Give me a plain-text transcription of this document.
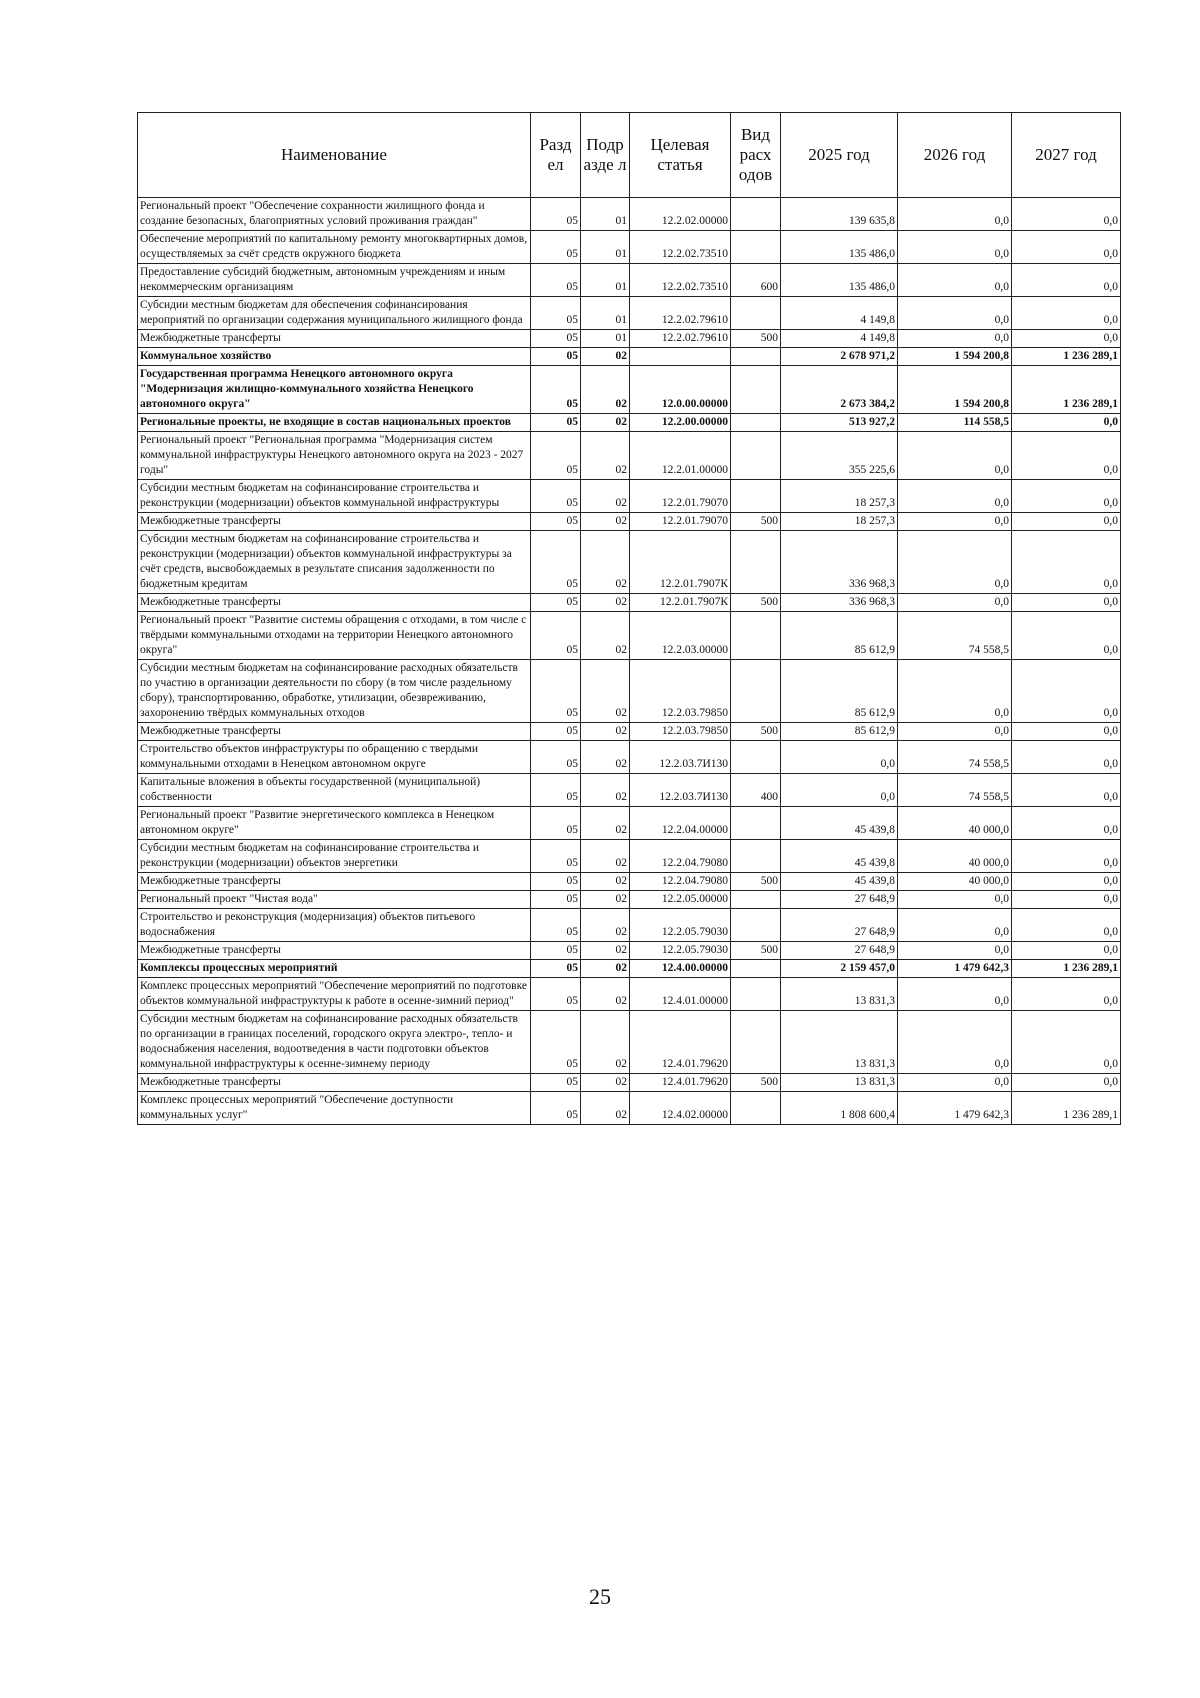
Наименование	Разд ел	Подр азде л	Целевая статья	Вид расх одов	2025 год	2026 год	2027 год
Региональный проект "Обеспечение сохранности жилищного фонда и создание безопасных, благоприятных условий проживания граждан"	05	01	12.2.02.00000		139 635,8	0,0	0,0
Обеспечение мероприятий по капитальному ремонту многоквартирных домов, осуществляемых за счёт средств окружного бюджета	05	01	12.2.02.73510		135 486,0	0,0	0,0
Предоставление субсидий бюджетным, автономным учреждениям и иным некоммерческим организациям	05	01	12.2.02.73510	600	135 486,0	0,0	0,0
Субсидии местным бюджетам для обеспечения софинансирования мероприятий по организации содержания муниципального жилищного фонда	05	01	12.2.02.79610		4 149,8	0,0	0,0
Межбюджетные трансферты	05	01	12.2.02.79610	500	4 149,8	0,0	0,0
Коммунальное хозяйство	05	02			2 678 971,2	1 594 200,8	1 236 289,1
Государственная программа Ненецкого автономного округа "Модернизация жилищно-коммунального хозяйства Ненецкого автономного округа"	05	02	12.0.00.00000		2 673 384,2	1 594 200,8	1 236 289,1
Региональные проекты, не входящие в состав национальных проектов	05	02	12.2.00.00000		513 927,2	114 558,5	0,0
Региональный проект "Региональная программа "Модернизация систем коммунальной инфраструктуры Ненецкого автономного округа на 2023 - 2027 годы"	05	02	12.2.01.00000		355 225,6	0,0	0,0
Субсидии местным бюджетам на софинансирование строительства и реконструкции (модернизации) объектов коммунальной инфраструктуры	05	02	12.2.01.79070		18 257,3	0,0	0,0
Межбюджетные трансферты	05	02	12.2.01.79070	500	18 257,3	0,0	0,0
Субсидии местным бюджетам на софинансирование строительства и реконструкции (модернизации) объектов коммунальной инфраструктуры за счёт средств, высвобождаемых в результате списания задолженности по бюджетным кредитам	05	02	12.2.01.7907К		336 968,3	0,0	0,0
Межбюджетные трансферты	05	02	12.2.01.7907К	500	336 968,3	0,0	0,0
Региональный проект "Развитие системы обращения с отходами, в том числе с твёрдыми коммунальными отходами на территории Ненецкого автономного округа"	05	02	12.2.03.00000		85 612,9	74 558,5	0,0
Субсидии местным бюджетам на софинансирование расходных обязательств по участию в организации деятельности по сбору (в том числе раздельному сбору), транспортированию, обработке, утилизации, обезвреживанию, захоронению твёрдых коммунальных отходов	05	02	12.2.03.79850		85 612,9	0,0	0,0
Межбюджетные трансферты	05	02	12.2.03.79850	500	85 612,9	0,0	0,0
Строительство объектов инфраструктуры по обращению с твердыми коммунальными отходами в Ненецком автономном округе	05	02	12.2.03.7И130		0,0	74 558,5	0,0
Капитальные вложения в объекты государственной (муниципальной) собственности	05	02	12.2.03.7И130	400	0,0	74 558,5	0,0
Региональный проект "Развитие энергетического комплекса в Ненецком автономном округе"	05	02	12.2.04.00000		45 439,8	40 000,0	0,0
Субсидии местным бюджетам на софинансирование строительства и реконструкции (модернизации) объектов энергетики	05	02	12.2.04.79080		45 439,8	40 000,0	0,0
Межбюджетные трансферты	05	02	12.2.04.79080	500	45 439,8	40 000,0	0,0
Региональный проект "Чистая вода"	05	02	12.2.05.00000		27 648,9	0,0	0,0
Строительство и реконструкция (модернизация) объектов питьевого водоснабжения	05	02	12.2.05.79030		27 648,9	0,0	0,0
Межбюджетные трансферты	05	02	12.2.05.79030	500	27 648,9	0,0	0,0
Комплексы процессных мероприятий	05	02	12.4.00.00000		2 159 457,0	1 479 642,3	1 236 289,1
Комплекс процессных мероприятий "Обеспечение мероприятий по подготовке объектов коммунальной инфраструктуры к работе в осенне-зимний период"	05	02	12.4.01.00000		13 831,3	0,0	0,0
Субсидии местным бюджетам на софинансирование расходных обязательств по организации в границах поселений, городского округа электро-, тепло- и водоснабжения населения, водоотведения в части подготовки объектов коммунальной инфраструктуры к осенне-зимнему периоду	05	02	12.4.01.79620		13 831,3	0,0	0,0
Межбюджетные трансферты	05	02	12.4.01.79620	500	13 831,3	0,0	0,0
Комплекс процессных мероприятий "Обеспечение доступности коммунальных услуг"	05	02	12.4.02.00000		1 808 600,4	1 479 642,3	1 236 289,1
25
